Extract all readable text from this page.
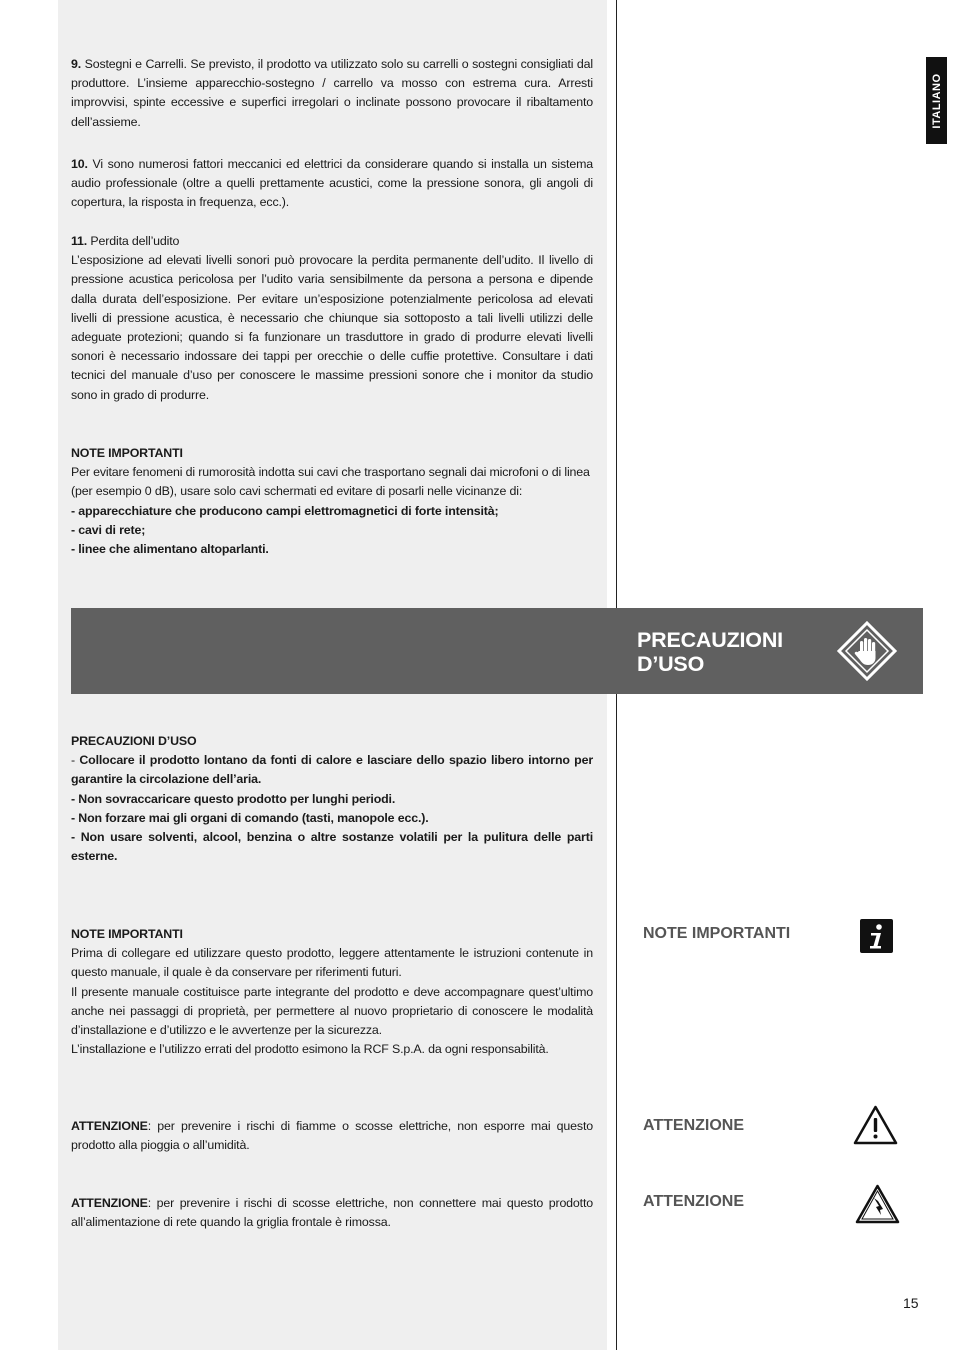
ITALIANO

9. Sostegni e Carrelli. Se previsto, il prodotto va utilizzato solo su carrelli o sostegni consigliati dal produttore. L’insieme apparecchio-sostegno / carrello va mosso con estrema cura. Arresti improvvisi, spinte eccessive e superfici irregolari o inclinate possono provocare il ribaltamento dell’assieme.

10. Vi sono numerosi fattori meccanici ed elettrici da considerare quando si installa un sistema audio professionale (oltre a quelli prettamente acustici, come la pressione sonora, gli angoli di copertura, la risposta in frequenza, ecc.).

11. Perdita dell’udito

L’esposizione ad elevati livelli sonori può provocare la perdita permanente dell’udito. Il livello di pressione acustica pericolosa per l’udito varia sensibilmente da persona a persona e dipende dalla durata dell’esposizione. Per evitare un’esposizione potenzialmente pericolosa ad elevati livelli di pressione acustica, è necessario che chiunque sia sottoposto a tali livelli utilizzi delle adeguate protezioni; quando si fa funzionare un trasduttore in grado di produrre elevati livelli sonori è necessario indossare dei tappi per orecchie o delle cuffie protettive. Consultare i dati tecnici del manuale d’uso per conoscere le massime pressioni sonore che i monitor da studio sono in grado di produrre.

NOTE IMPORTANTI

Per evitare fenomeni di rumorosità indotta sui cavi che trasportano segnali dai microfoni o di linea (per esempio 0 dB), usare solo cavi schermati ed evitare di posarli nelle vicinanze di:

- apparecchiature che producono campi elettromagnetici di forte intensità;

- cavi di rete;

- linee che alimentano altoparlanti.

PRECAUZIONI
D’USO

PRECAUZIONI D’USO

- Collocare il prodotto lontano da fonti di calore e lasciare dello spazio libero intorno per garantire la circolazione dell’aria.

- Non sovraccaricare questo prodotto per lunghi periodi.

- Non forzare mai gli organi di comando (tasti, manopole ecc.).

- Non usare solventi, alcool, benzina o altre sostanze volatili per la pulitura delle parti esterne.

NOTE IMPORTANTI

Prima di collegare ed utilizzare questo prodotto, leggere attentamente le istruzioni contenute in questo manuale, il quale è da conservare per riferimenti futuri.

Il presente manuale costituisce parte integrante del prodotto e deve accompagnare quest’ultimo anche nei passaggi di proprietà, per permettere al nuovo proprietario di conoscere le modalità d’installazione e d’utilizzo e le avvertenze per la sicurezza.

L’installazione e l’utilizzo errati del prodotto esimono la RCF S.p.A. da ogni responsabilità.

ATTENZIONE: per prevenire i rischi di fiamme o scosse elettriche, non esporre mai questo prodotto alla pioggia o all’umidità.

ATTENZIONE: per prevenire i rischi di scosse elettriche, non connettere mai questo prodotto all’alimentazione di rete quando la griglia frontale è rimossa.

NOTE IMPORTANTI
ATTENZIONE
ATTENZIONE
15
